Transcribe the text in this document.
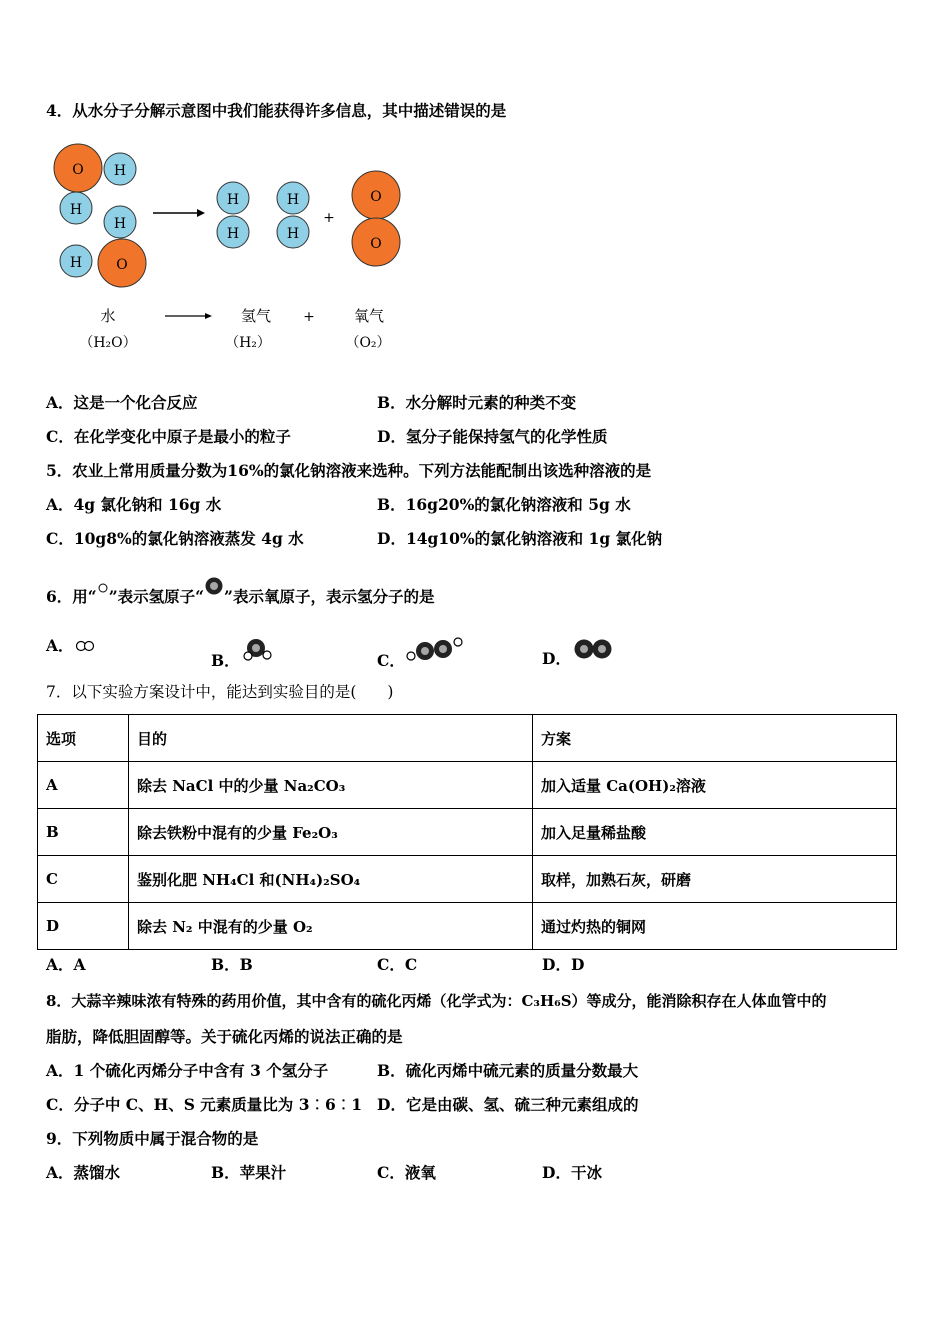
4．从水分子分解示意图中我们能获得许多信息，其中描述错误的是
O H
H
H
H O
H
H
H
H
+
O
O
水	氢气 +	氧气
（H₂O）	（H₂）	（O₂）
A．这是一个化合反应	B．水分解时元素的种类不变
C．在化学变化中原子是最小的粒子	D．氢分子能保持氢气的化学性质
5．农业上常用质量分数为16%的氯化钠溶液来选种。下列方法能配制出该选种溶液的是
A．4g 氯化钠和 16g 水	B．16g20%的氯化钠溶液和 5g 水
C．10g8%的氯化钠溶液蒸发 4g 水	D．14g10%的氯化钠溶液和 1g 氯化钠
6．用“ ”表示氢原子“ ”表示氧原子，表示氢分子的是
A．
B．	C．	D．
7．以下实验方案设计中，能达到实验目的是(　　)
选项	目的	方案
A	除去 NaCl 中的少量 Na₂CO₃	加入适量 Ca(OH)₂溶液
B	除去铁粉中混有的少量 Fe₂O₃	加入足量稀盐酸
C	鉴别化肥 NH₄Cl 和(NH₄)₂SO₄	取样，加熟石灰，研磨
D	除去 N₂ 中混有的少量 O₂	通过灼热的铜网
A．A	B．B	C．C	D．D
8．大蒜辛辣味浓有特殊的药用价值，其中含有的硫化丙烯（化学式为：C₃H₆S）等成分，能消除积存在人体血管中的
脂肪，降低胆固醇等。关于硫化丙烯的说法正确的是
A．1 个硫化丙烯分子中含有 3 个氢分子	B．硫化丙烯中硫元素的质量分数最大
C．分子中 C、H、S 元素质量比为 3︰6︰1 D．它是由碳、氢、硫三种元素组成的
9．下列物质中属于混合物的是
A．蒸馏水	B．苹果汁	C．液氧	D．干冰
